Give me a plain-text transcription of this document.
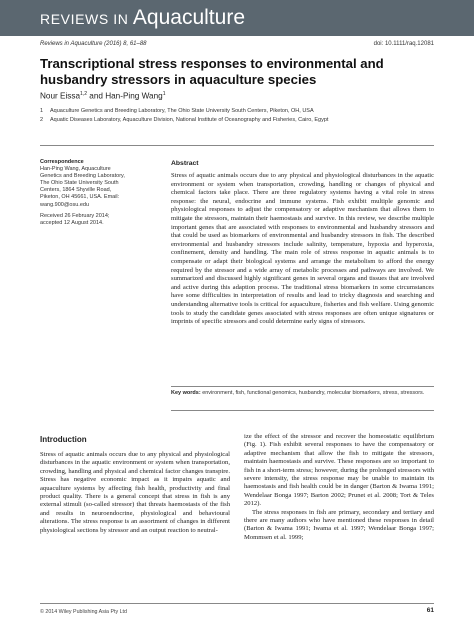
REVIEWS IN Aquaculture
Reviews in Aquaculture (2016) 8, 61–88	doi: 10.1111/raq.12081
Transcriptional stress responses to environmental and husbandry stressors in aquaculture species
Nour Eissa$^{1,2}$ and Han-Ping Wang$^1$
1 Aquaculture Genetics and Breeding Laboratory, The Ohio State University South Centers, Piketon, OH, USA
2 Aquatic Diseases Laboratory, Aquaculture Division, National Institute of Oceanography and Fisheries, Cairo, Egypt
Correspondence
Han-Ping Wang, Aquaculture Genetics and Breeding Laboratory, The Ohio State University South Centers, 1864 Shyville Road, Piketon, OH 45661, USA. Email: wang.900@osu.edu
Received 26 February 2014; accepted 12 August 2014.
Abstract
Stress of aquatic animals occurs due to any physical and physiological disturbances in the aquatic environment or system when transportation, crowding, handling or changes of physical and chemical factors take place. There are three regulatory systems having a vital role in stress response: the neural, endocrine and immune systems. Fish exhibit multiple genomic and physiological responses to adjust the compensatory or adaptive mechanism that allows them to mitigate the stressors, maintain their haemostasis and survive. In this review, we describe multiple important genes that are associated with responses to environmental and husbandry stressors and that could be used as biomarkers of environmental and husbandry stressors in fish. The described environmental and husbandry stressors include salinity, temperature, hypoxia and hyperoxia, confinement, density and handling. The main role of stress response in aquatic animals is to compensate or adapt their biological systems and arrange the metabolism to afford the energy required by the stressor and a wide array of metabolic processes and pathways are involved. We summarized and discussed highly significant genes in several organs and tissues that are involved and active during this adaption process. The traditional stress biomarkers in some circumstances have some difficulties in interpretation of results and lead to tricky diagnosis and searching and understanding alternative tools is critical for aquaculture, fisheries and fish welfare. Using genomic tools to study the candidate genes associated with stress responses are often unique signatures or imprints of specific stressors and could determine early signs of stressors.
Key words: environment, fish, functional genomics, husbandry, molecular biomarkers, stress, stressors.
Introduction

Stress of aquatic animals occurs due to any physical and physiological disturbances in the aquatic environment or system when transportation, crowding, handling and physical and chemical factor changes transpire. Stress has negative economic impact as it impairs aquatic and aquaculture systems by affecting fish health, productivity and final product quality. There is a general concept that stress in fish is any external stimuli (so-called stressor) that threats haemostasis of the fish and results in neuroendocrine, physiological and behavioural alterations. The stress response is an assortment of changes in different physiological sections by stressor and an output reaction to neutral-

ize the effect of the stressor and recover the homeostatic equilibrium (Fig. 1). Fish exhibit several responses to have the compensatory or adaptive mechanism that allow the fish to mitigate the stressors, maintain haemostasis and survive. These responses are so important to fish in a short-term stress; however, during the prolonged stressors with severe intensity, the stress response may be unable to maintain its haemostasis and fish health could be in danger (Barton & Iwama 1991; Wendelaar Bonga 1997; Barton 2002; Prunet et al. 2008; Tort & Teles 2012).

The stress responses in fish are primary, secondary and tertiary and there are many authors who have mentioned these responses in detail (Barton & Iwama 1991; Iwama et al. 1997; Wendelaar Bonga 1997; Mommsen et al. 1999;

© 2014 Wiley Publishing Asia Pty Ltd	61
